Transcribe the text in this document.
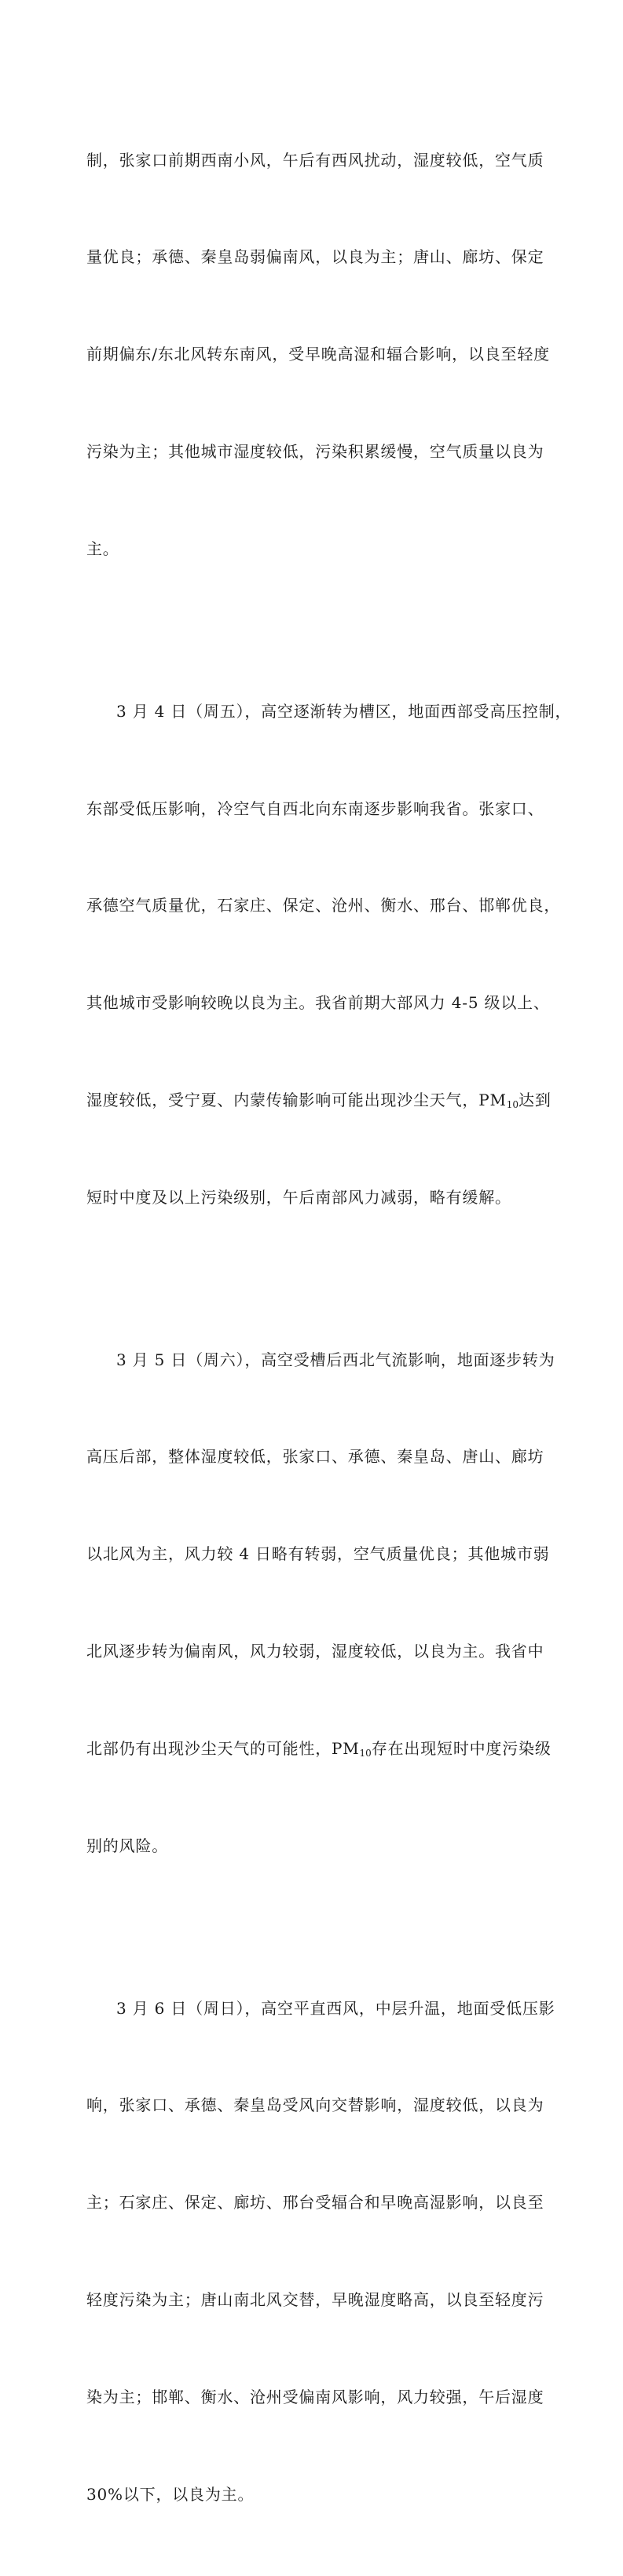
制，张家口前期西南小风，午后有西风扰动，湿度较低，空气质

量优良；承德、秦皇岛弱偏南风，以良为主；唐山、廊坊、保定

前期偏东/东北风转东南风，受早晚高湿和辐合影响，以良至轻度

污染为主；其他城市湿度较低，污染积累缓慢，空气质量以良为

主。

3 月 4 日（周五），高空逐渐转为槽区，地面西部受高压控制，

东部受低压影响，冷空气自西北向东南逐步影响我省。张家口、

承德空气质量优，石家庄、保定、沧州、衡水、邢台、邯郸优良，

其他城市受影响较晚以良为主。我省前期大部风力 4-5 级以上、

湿度较低，受宁夏、内蒙传输影响可能出现沙尘天气，$PM_{10}$达到

短时中度及以上污染级别，午后南部风力减弱，略有缓解。

3 月 5 日（周六），高空受槽后西北气流影响，地面逐步转为

高压后部，整体湿度较低，张家口、承德、秦皇岛、唐山、廊坊

以北风为主，风力较 4 日略有转弱，空气质量优良；其他城市弱

北风逐步转为偏南风，风力较弱，湿度较低，以良为主。我省中

北部仍有出现沙尘天气的可能性，$PM_{10}$存在出现短时中度污染级

别的风险。

3 月 6 日（周日），高空平直西风，中层升温，地面受低压影

响，张家口、承德、秦皇岛受风向交替影响，湿度较低，以良为

主；石家庄、保定、廊坊、邢台受辐合和早晚高湿影响，以良至

轻度污染为主；唐山南北风交替，早晚湿度略高，以良至轻度污

染为主；邯郸、衡水、沧州受偏南风影响，风力较强，午后湿度

30%以下，以良为主。
